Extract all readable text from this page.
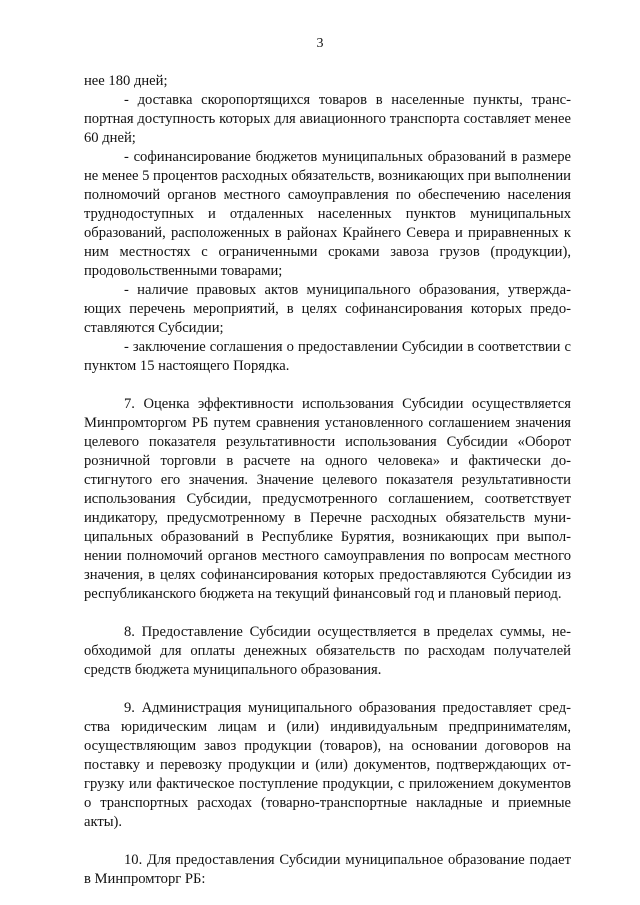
3

нее 180 дней;

- доставка скоропортящихся товаров в населенные пункты, транспортная доступность которых для авиационного транспорта составляет менее 60 дней;

- софинансирование бюджетов муниципальных образований в размере не менее 5 процентов расходных обязательств, возникающих при выполнении полномочий органов местного самоуправления по обеспечению населения труднодоступных и отдаленных населенных пунктов муниципальных образований, расположенных в районах Крайнего Севера и приравненных к ним местностях с ограниченными сроками завоза грузов (продукции), продовольственными товарами;

- наличие правовых актов муниципального образования, утверждающих перечень мероприятий, в целях софинансирования которых предоставляются Субсидии;

- заключение соглашения о предоставлении Субсидии в соответствии с пунктом 15 настоящего Порядка.

7. Оценка эффективности использования Субсидии осуществляется Минпромторгом РБ путем сравнения установленного соглашением значения целевого показателя результативности использования Субсидии «Оборот розничной торговли в расчете на одного человека» и фактически достигнутого его значения. Значение целевого показателя результативности использования Субсидии, предусмотренного соглашением, соответствует индикатору, предусмотренному в Перечне расходных обязательств муниципальных образований в Республике Бурятия, возникающих при выполнении полномочий органов местного самоуправления по вопросам местного значения, в целях софинансирования которых предоставляются Субсидии из республиканского бюджета на текущий финансовый год и плановый период.

8. Предоставление Субсидии осуществляется в пределах суммы, необходимой для оплаты денежных обязательств по расходам получателей средств бюджета муниципального образования.

9. Администрация муниципального образования предоставляет средства юридическим лицам и (или) индивидуальным предпринимателям, осуществляющим завоз продукции (товаров), на основании договоров на поставку и перевозку продукции и (или) документов, подтверждающих отгрузку или фактическое поступление продукции, с приложением документов о транспортных расходах (товарно-транспортные накладные и приемные акты).

10. Для предоставления Субсидии муниципальное образование подает в Минпромторг РБ:
